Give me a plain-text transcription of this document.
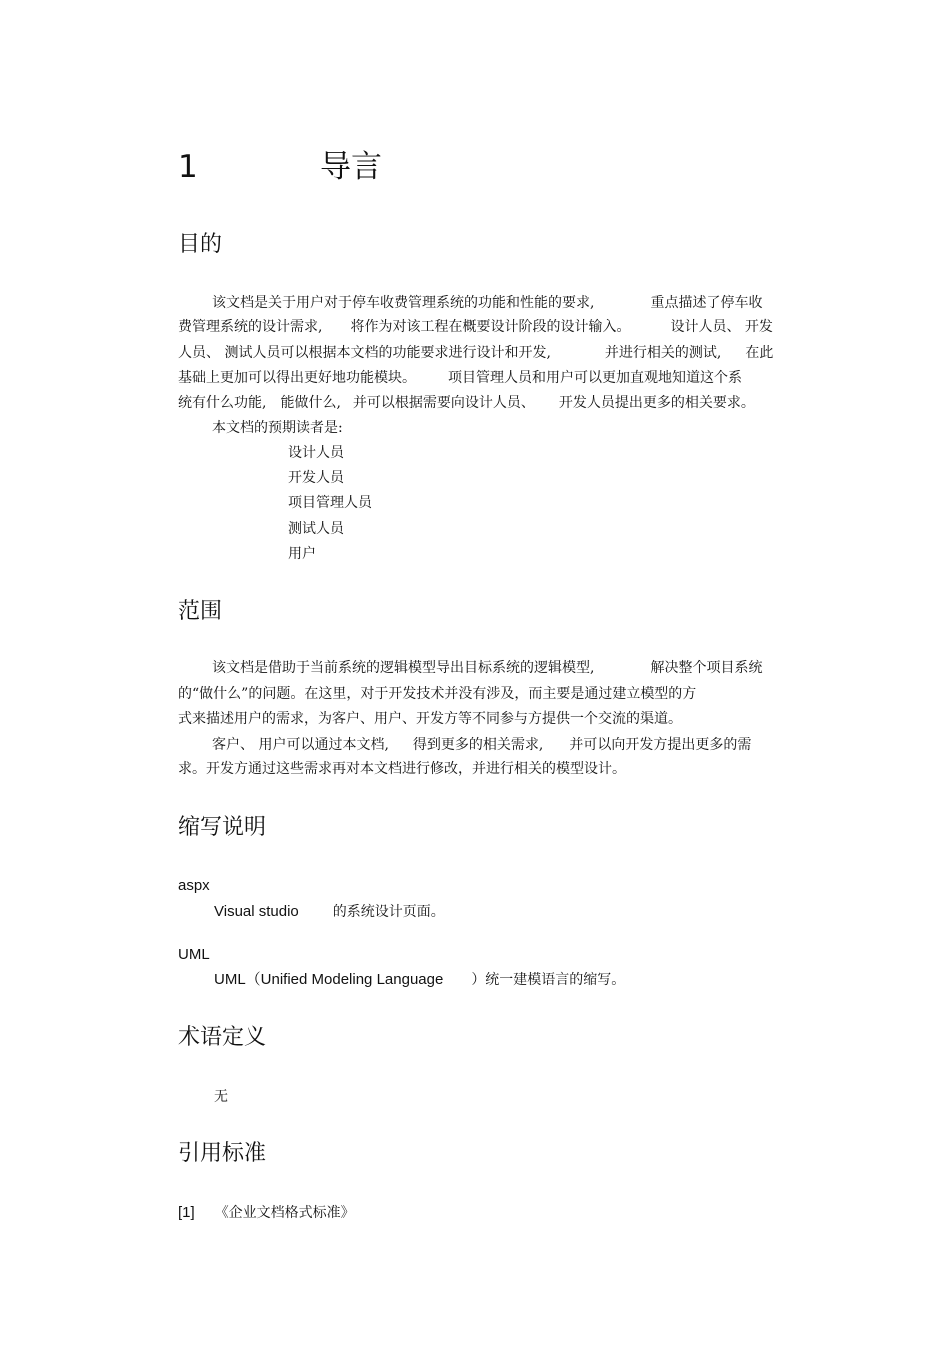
1	导言
目的
该文档是关于用户对于停车收费管理系统的功能和性能的要求,	重点描述了停车收
费管理系统的设计需求, 将作为对该工程在概要设计阶段的设计输入。	设计人员、 开发
人员、 测试人员可以根据本文档的功能要求进行设计和开发,	并进行相关的测试, 在此
基础上更加可以得出更好地功能模块。 项目管理人员和用户可以更加直观地知道这个系
统有什么功能, 能做什么, 并可以根据需要向设计人员、 开发人员提出更多的相关要求。
本文档的预期读者是:
设计人员
开发人员
项目管理人员
测试人员
用户
范围
该文档是借助于当前系统的逻辑模型导出目标系统的逻辑模型,	解决整个项目系统
的“做什么”的问题。在这里，对于开发技术并没有涉及，而主要是通过建立模型的方
式来描述用户的需求，为客户、用户、开发方等不同参与方提供一个交流的渠道。
客户、 用户可以通过本文档, 得到更多的相关需求, 并可以向开发方提出更多的需
求。开发方通过这些需求再对本文档进行修改，并进行相关的模型设计。
缩写说明
aspx
Visual studio 的系统设计页面。
UML
UML（Unified Modeling Language ）统一建模语言的缩写。
术语定义
无
引用标准
[1] 《企业文档格式标准》
